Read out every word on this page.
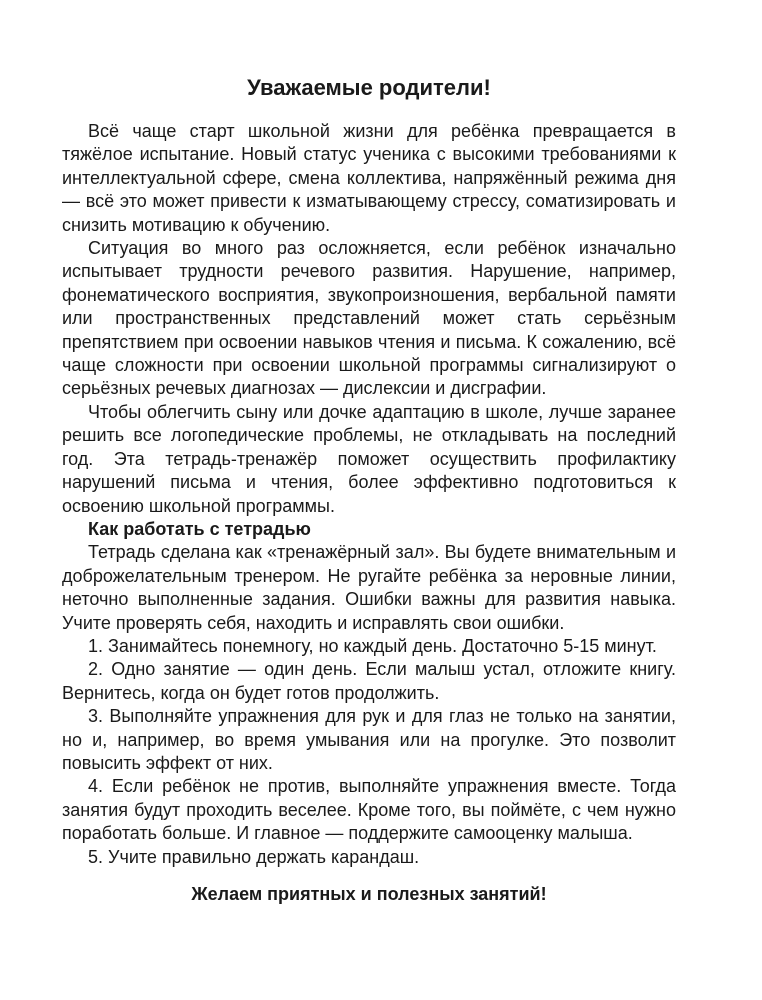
Уважаемые родители!

Всё чаще старт школьной жизни для ребёнка превращается в тяжёлое испытание. Новый статус ученика с высокими требованиями к интеллектуальной сфере, смена коллектива, напряжённый режима дня — всё это может привести к изматывающему стрессу, соматизировать и снизить мотивацию к обучению.

Ситуация во много раз осложняется, если ребёнок изначально испытывает трудности речевого развития. Нарушение, например, фонематического восприятия, звукопроизношения, вербальной памяти или пространственных представлений может стать серьёзным препятствием при освоении навыков чтения и письма. К сожалению, всё чаще сложности при освоении школьной программы сигнализируют о серьёзных речевых диагнозах — дислексии и дисграфии.

Чтобы облегчить сыну или дочке адаптацию в школе, лучше заранее решить все логопедические проблемы, не откладывать на последний год. Эта тетрадь-тренажёр поможет осуществить профилактику нарушений письма и чтения, более эффективно подготовиться к освоению школьной программы.

Как работать с тетрадью

Тетрадь сделана как «тренажёрный зал». Вы будете внимательным и доброжелательным тренером. Не ругайте ребёнка за неровные линии, неточно выполненные задания. Ошибки важны для развития навыка. Учите проверять себя, находить и исправлять свои ошибки.

1. Занимайтесь понемногу, но каждый день. Достаточно 5-15 минут.

2. Одно занятие — один день. Если малыш устал, отложите книгу. Вернитесь, когда он будет готов продолжить.

3. Выполняйте упражнения для рук и для глаз не только на занятии, но и, например, во время умывания или на прогулке. Это позволит повысить эффект от них.

4. Если ребёнок не против, выполняйте упражнения вместе. Тогда занятия будут проходить веселее. Кроме того, вы поймёте, с чем нужно поработать больше. И главное — поддержите самооценку малыша.

5. Учите правильно держать карандаш.

Желаем приятных и полезных занятий!
